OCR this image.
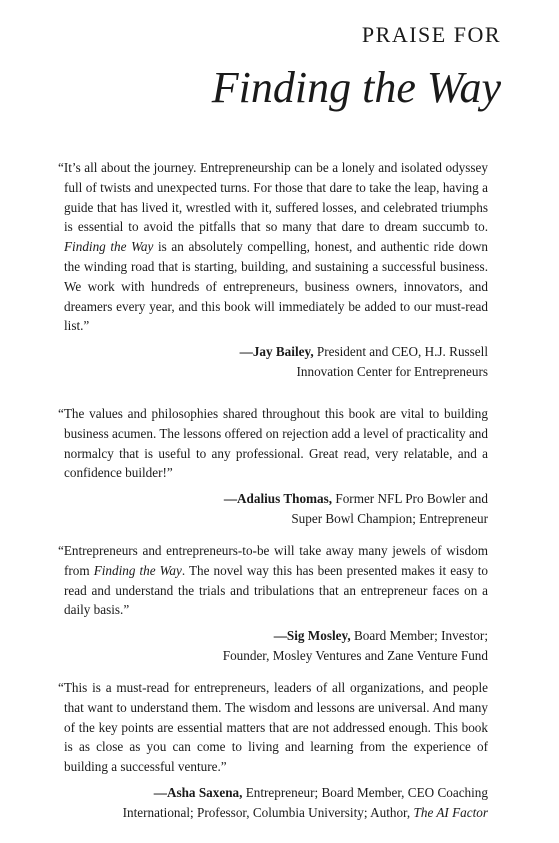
PRAISE FOR
Finding the Way

“It’s all about the journey. Entrepreneurship can be a lonely and isolated odyssey full of twists and unexpected turns. For those that dare to take the leap, having a guide that has lived it, wrestled with it, suffered losses, and celebrated triumphs is essential to avoid the pitfalls that so many that dare to dream succumb to. Finding the Way is an absolutely compelling, honest, and authentic ride down the winding road that is starting, building, and sustaining a successful business. We work with hundreds of entrepreneurs, business owners, innovators, and dreamers every year, and this book will immediately be added to our must-read list.”

—Jay Bailey, President and CEO, H.J. Russell
Innovation Center for Entrepreneurs

“The values and philosophies shared throughout this book are vital to building business acumen. The lessons offered on rejection add a level of practicality and normalcy that is useful to any professional. Great read, very relatable, and a confidence builder!”

—Adalius Thomas, Former NFL Pro Bowler and
Super Bowl Champion; Entrepreneur

“Entrepreneurs and entrepreneurs-to-be will take away many jewels of wisdom from Finding the Way. The novel way this has been presented makes it easy to read and understand the trials and tribulations that an entrepreneur faces on a daily basis.”

—Sig Mosley, Board Member; Investor;
Founder, Mosley Ventures and Zane Venture Fund

“This is a must-read for entrepreneurs, leaders of all organizations, and people that want to understand them. The wisdom and lessons are universal. And many of the key points are essential matters that are not addressed enough. This book is as close as you can come to living and learning from the experience of building a successful venture.”

—Asha Saxena, Entrepreneur; Board Member, CEO Coaching
International; Professor, Columbia University; Author, The AI Factor
